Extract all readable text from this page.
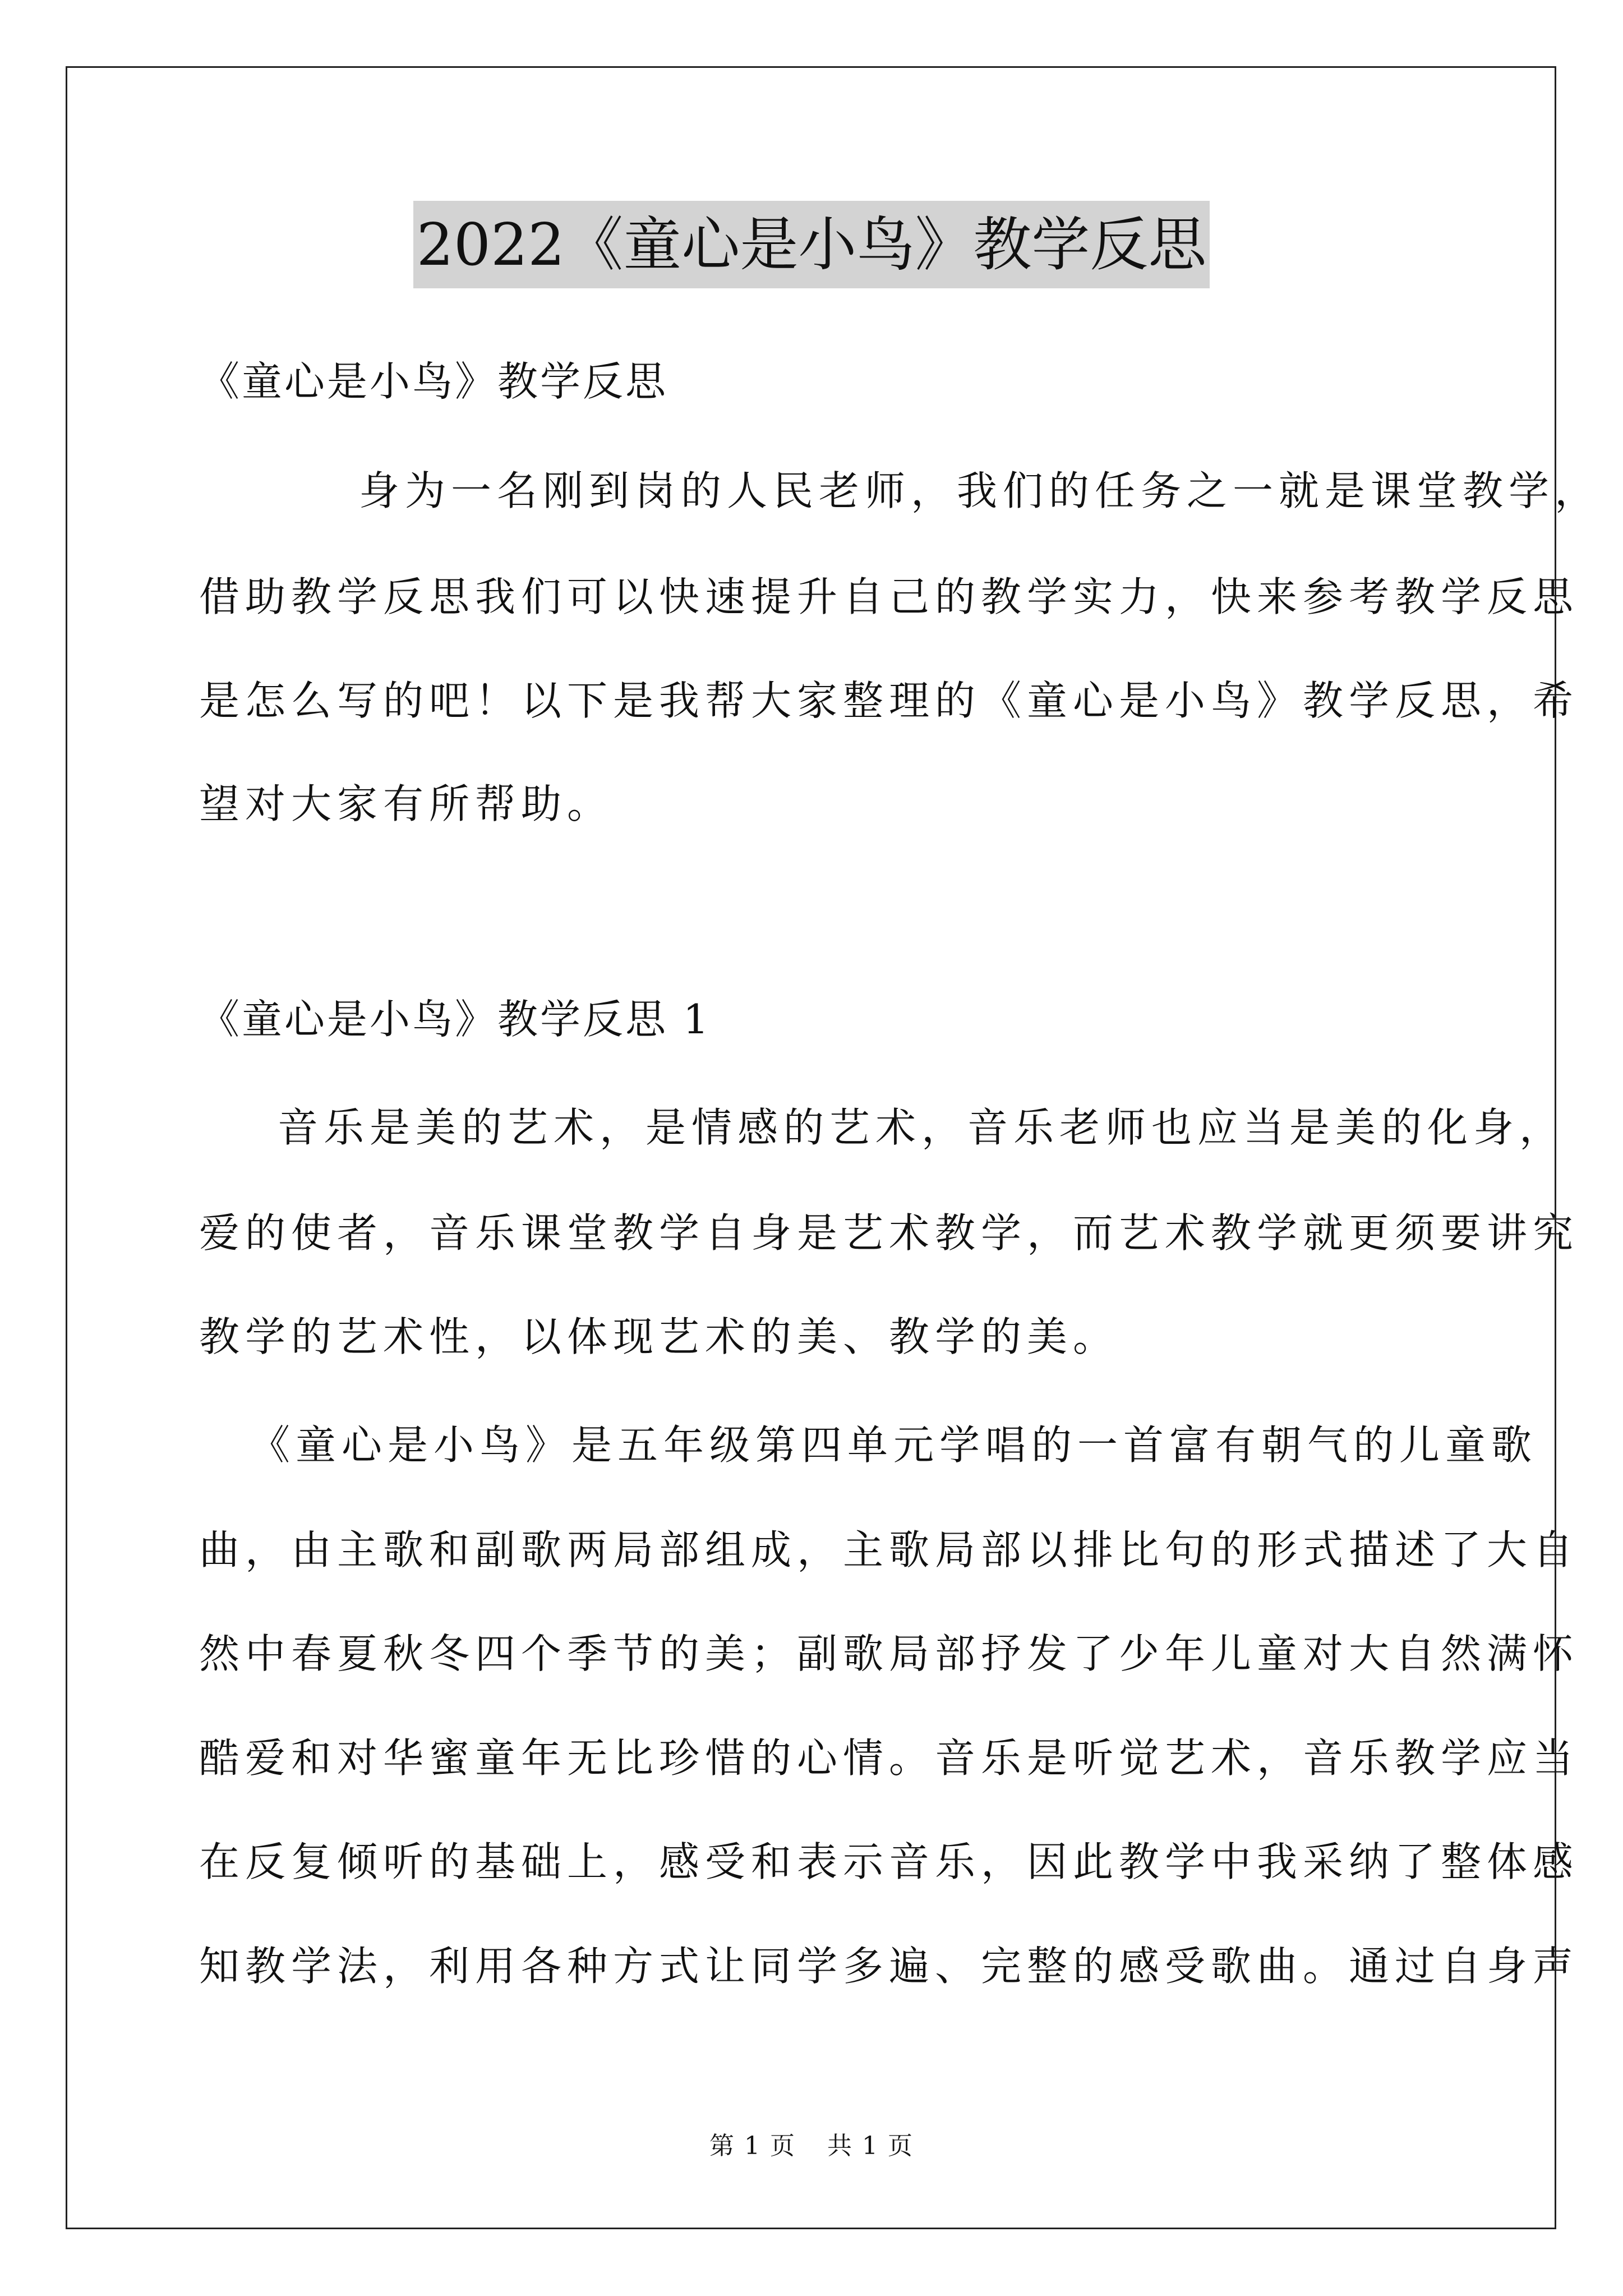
2022《童心是小鸟》教学反思
《童心是小鸟》教学反思
身为一名刚到岗的人民老师，我们的任务之一就是课堂教学，
借助教学反思我们可以快速提升自己的教学实力，快来参考教学反思
是怎么写的吧！以下是我帮大家整理的《童心是小鸟》教学反思，希
望对大家有所帮助。
《童心是小鸟》教学反思 1
音乐是美的艺术，是情感的艺术，音乐老师也应当是美的化身，
爱的使者，音乐课堂教学自身是艺术教学，而艺术教学就更须要讲究
教学的艺术性，以体现艺术的美、教学的美。
《童心是小鸟》是五年级第四单元学唱的一首富有朝气的儿童歌
曲，由主歌和副歌两局部组成，主歌局部以排比句的形式描述了大自
然中春夏秋冬四个季节的美；副歌局部抒发了少年儿童对大自然满怀
酷爱和对华蜜童年无比珍惜的心情。音乐是听觉艺术，音乐教学应当
在反复倾听的基础上，感受和表示音乐，因此教学中我采纳了整体感
知教学法，利用各种方式让同学多遍、完整的感受歌曲。通过自身声
第 1 页 共 1 页
